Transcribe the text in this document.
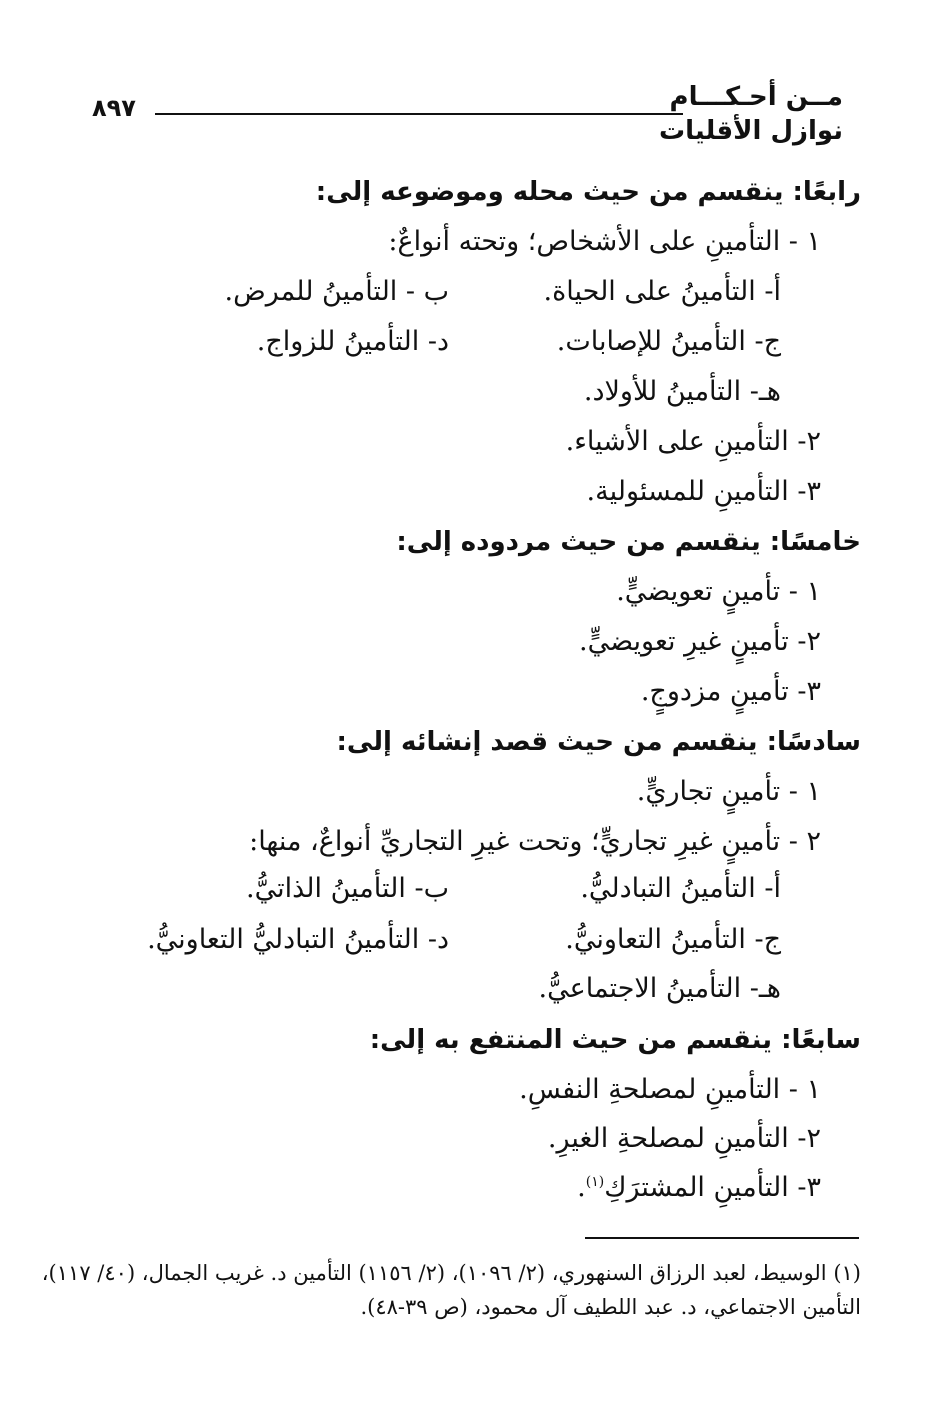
مــن أحـكـــام
نوازل الأقليات
٨٩٧
رابعًا: ينقسم من حيث محله وموضوعه إلى:
١ - التأمينِ على الأشخاص؛ وتحته أنواعٌ:
أ- التأمينُ على الحياة.
ب - التأمينُ للمرض.
ج- التأمينُ للإصابات.
د- التأمينُ للزواج.
هـ- التأمينُ للأولاد.
٢- التأمينِ على الأشياء.
٣- التأمينِ للمسئولية.
خامسًا: ينقسم من حيث مردوده إلى:
١ - تأمينٍ تعويضيٍّ.
٢- تأمينٍ غيرِ تعويضيٍّ.
٣- تأمينٍ مزدوجٍ.
سادسًا: ينقسم من حيث قصد إنشائه إلى:
١ - تأمينٍ تجاريٍّ.
٢ - تأمينٍ غيرِ تجاريٍّ؛ وتحت غيرِ التجاريِّ أنواعٌ، منها:
أ- التأمينُ التبادليُّ.
ب- التأمينُ الذاتيُّ.
ج- التأمينُ التعاونيُّ.
د- التأمينُ التبادليُّ التعاونيُّ.
هـ- التأمينُ الاجتماعيُّ.
سابعًا: ينقسم من حيث المنتفع به إلى:
١ - التأمينِ لمصلحةِ النفسِ.
٢- التأمينِ لمصلحةِ الغيرِ.
٣- التأمينِ المشترَكِ$^{(١)}$.
(١) الوسيط، لعبد الرزاق السنهوري، (٢/ ١٠٩٦)، (٢/ ١١٥٦) التأمين د. غريب الجمال، (٤٠/ ١١٧)،
التأمين الاجتماعي، د. عبد اللطيف آل محمود، (ص ٣٩-٤٨).
